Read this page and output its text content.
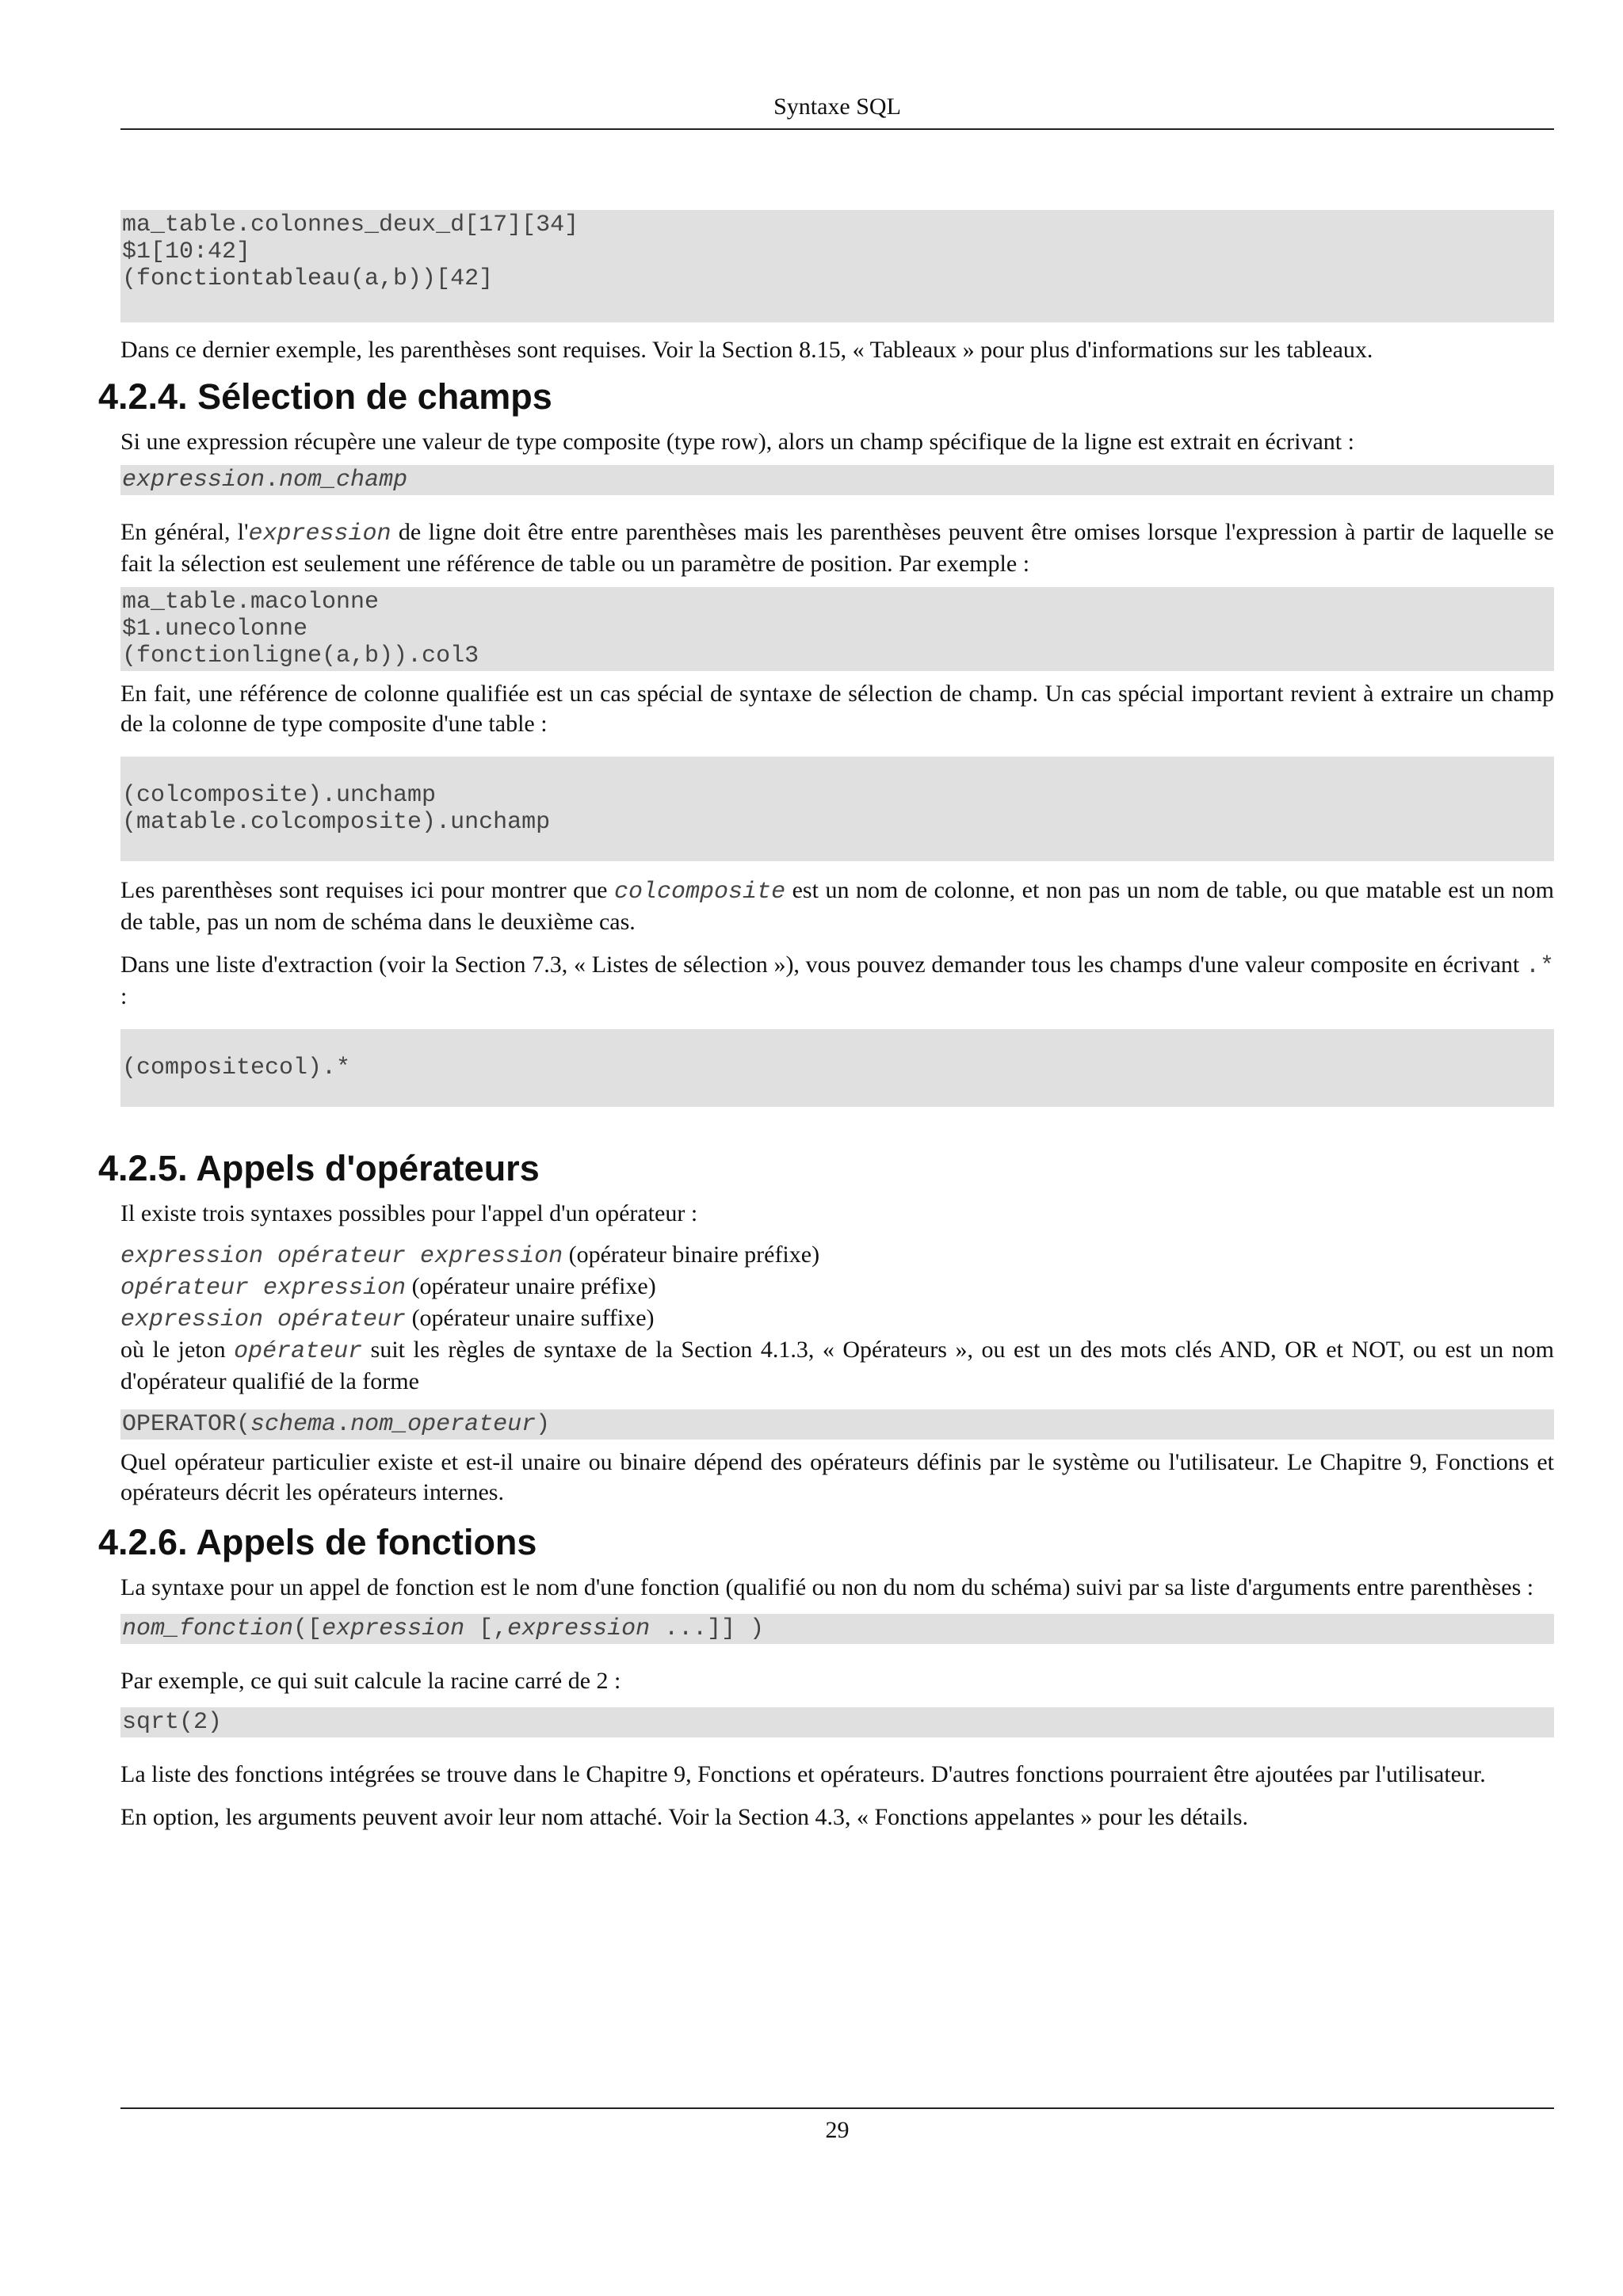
Syntaxe SQL
ma_table.colonnes_deux_d[17][34]
$1[10:42]
(fonctiontableau(a,b))[42]

Dans ce dernier exemple, les parenthèses sont requises. Voir la Section 8.15, « Tableaux » pour plus d'informations sur les tableaux.

4.2.4. Sélection de champs

Si une expression récupère une valeur de type composite (type row), alors un champ spécifique de la ligne est extrait en écrivant :

expression.nom_champ

En général, l'expression de ligne doit être entre parenthèses mais les parenthèses peuvent être omises lorsque l'expression à partir de laquelle se fait la sélection est seulement une référence de table ou un paramètre de position. Par exemple :

ma_table.macolonne
$1.unecolonne
(fonctionligne(a,b)).col3

En fait, une référence de colonne qualifiée est un cas spécial de syntaxe de sélection de champ. Un cas spécial important revient à extraire un champ de la colonne de type composite d'une table :

(colcomposite).unchamp
(matable.colcomposite).unchamp

Les parenthèses sont requises ici pour montrer que colcomposite est un nom de colonne, et non pas un nom de table, ou que matable est un nom de table, pas un nom de schéma dans le deuxième cas.

Dans une liste d'extraction (voir la Section 7.3, « Listes de sélection »), vous pouvez demander tous les champs d'une valeur composite en écrivant .* :

(compositecol).*
4.2.5. Appels d'opérateurs

Il existe trois syntaxes possibles pour l'appel d'un opérateur :

expression opérateur expression (opérateur binaire préfixe)
opérateur expression (opérateur unaire préfixe)
expression opérateur (opérateur unaire suffixe)

où le jeton opérateur suit les règles de syntaxe de la Section 4.1.3, « Opérateurs », ou est un des mots clés AND, OR et NOT, ou est un nom d'opérateur qualifié de la forme

OPERATOR(schema.nom_operateur)

Quel opérateur particulier existe et est-il unaire ou binaire dépend des opérateurs définis par le système ou l'utilisateur. Le Chapitre 9, Fonctions et opérateurs décrit les opérateurs internes.

4.2.6. Appels de fonctions

La syntaxe pour un appel de fonction est le nom d'une fonction (qualifié ou non du nom du schéma) suivi par sa liste d'arguments entre parenthèses :

nom_fonction([expression [,expression ...]] )

Par exemple, ce qui suit calcule la racine carré de 2 :

sqrt(2)

La liste des fonctions intégrées se trouve dans le Chapitre 9, Fonctions et opérateurs. D'autres fonctions pourraient être ajoutées par l'utilisateur.

En option, les arguments peuvent avoir leur nom attaché. Voir la Section 4.3, « Fonctions appelantes » pour les détails.

29
